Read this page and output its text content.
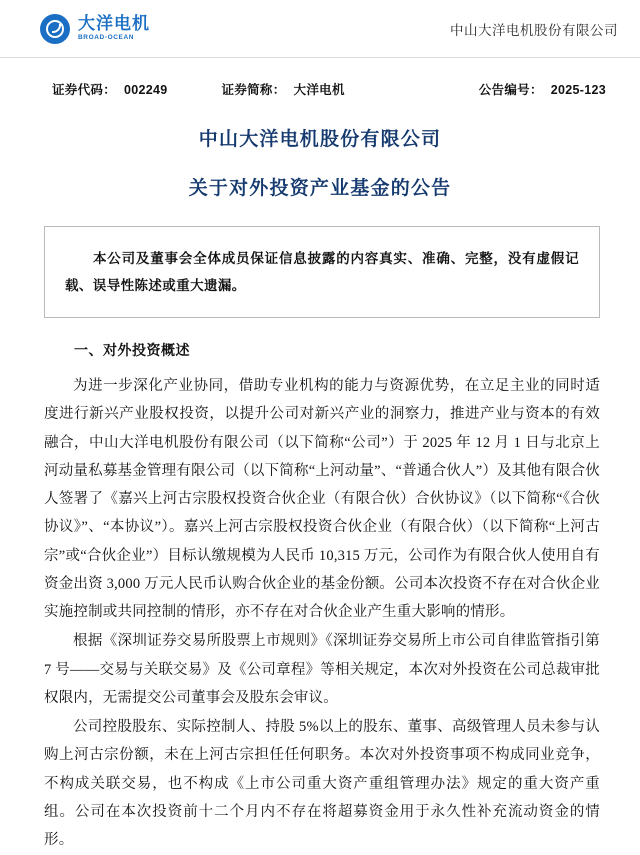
大洋电机
BROAD-OCEAN
中山大洋电机股份有限公司
证券代码： 002249	证券简称： 大洋电机	公告编号： 2025-123
中山大洋电机股份有限公司
关于对外投资产业基金的公告

本公司及董事会全体成员保证信息披露的内容真实、准确、完整，没有虚假记载、误导性陈述或重大遗漏。

一、对外投资概述

为进一步深化产业协同，借助专业机构的能力与资源优势，在立足主业的同时适度进行新兴产业股权投资，以提升公司对新兴产业的洞察力，推进产业与资本的有效融合，中山大洋电机股份有限公司（以下简称“公司”）于 2025 年 12 月 1 日与北京上河动量私募基金管理有限公司（以下简称“上河动量”、“普通合伙人”）及其他有限合伙人签署了《嘉兴上河古宗股权投资合伙企业（有限合伙）合伙协议》（以下简称“《合伙协议》”、“本协议”）。嘉兴上河古宗股权投资合伙企业（有限合伙）（以下简称“上河古宗”或“合伙企业”）目标认缴规模为人民币 10,315 万元，公司作为有限合伙人使用自有资金出资 3,000 万元人民币认购合伙企业的基金份额。公司本次投资不存在对合伙企业实施控制或共同控制的情形，亦不存在对合伙企业产生重大影响的情形。

根据《深圳证券交易所股票上市规则》《深圳证券交易所上市公司自律监管指引第 7 号——交易与关联交易》及《公司章程》等相关规定，本次对外投资在公司总裁审批权限内，无需提交公司董事会及股东会审议。

公司控股股东、实际控制人、持股 5%以上的股东、董事、高级管理人员未参与认购上河古宗份额，未在上河古宗担任任何职务。本次对外投资事项不构成同业竞争，不构成关联交易，也不构成《上市公司重大资产重组管理办法》规定的重大资产重组。公司在本次投资前十二个月内不存在将超募资金用于永久性补充流动资金的情形。
